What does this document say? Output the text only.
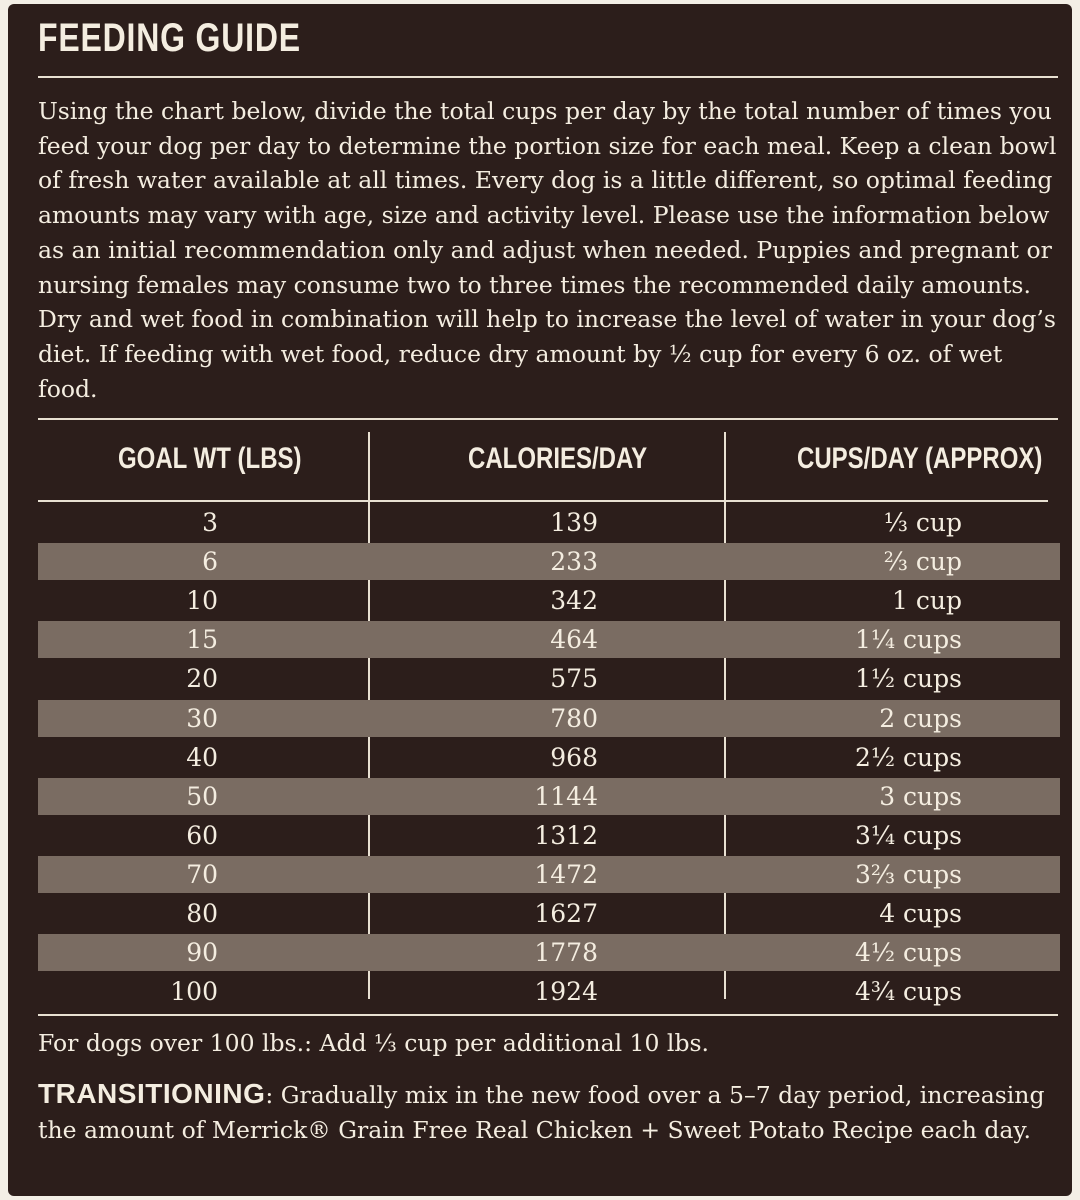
FEEDING GUIDE

Using the chart below, divide the total cups per day by the total number of times you feed your dog per day to determine the portion size for each meal. Keep a clean bowl of fresh water available at all times. Every dog is a little different, so optimal feeding amounts may vary with age, size and activity level. Please use the information below as an initial recommendation only and adjust when needed. Puppies and pregnant or nursing females may consume two to three times the recommended daily amounts. Dry and wet food in combination will help to increase the level of water in your dog’s diet. If feeding with wet food, reduce dry amount by ½ cup for every 6 oz. of wet food.

GOAL WT (LBS)	CALORIES/DAY	CUPS/DAY (APPROX)
3	139	⅓ cup
6	233	⅔ cup
10	342	1 cup
15	464	1¼ cups
20	575	1½ cups
30	780	2 cups
40	968	2½ cups
50	1144	3 cups
60	1312	3¼ cups
70	1472	3⅔ cups
80	1627	4 cups
90	1778	4½ cups
100	1924	4¾ cups

For dogs over 100 lbs.: Add ⅓ cup per additional 10 lbs.

TRANSITIONING: Gradually mix in the new food over a 5–7 day period, increasing the amount of Merrick® Grain Free Real Chicken + Sweet Potato Recipe each day.
